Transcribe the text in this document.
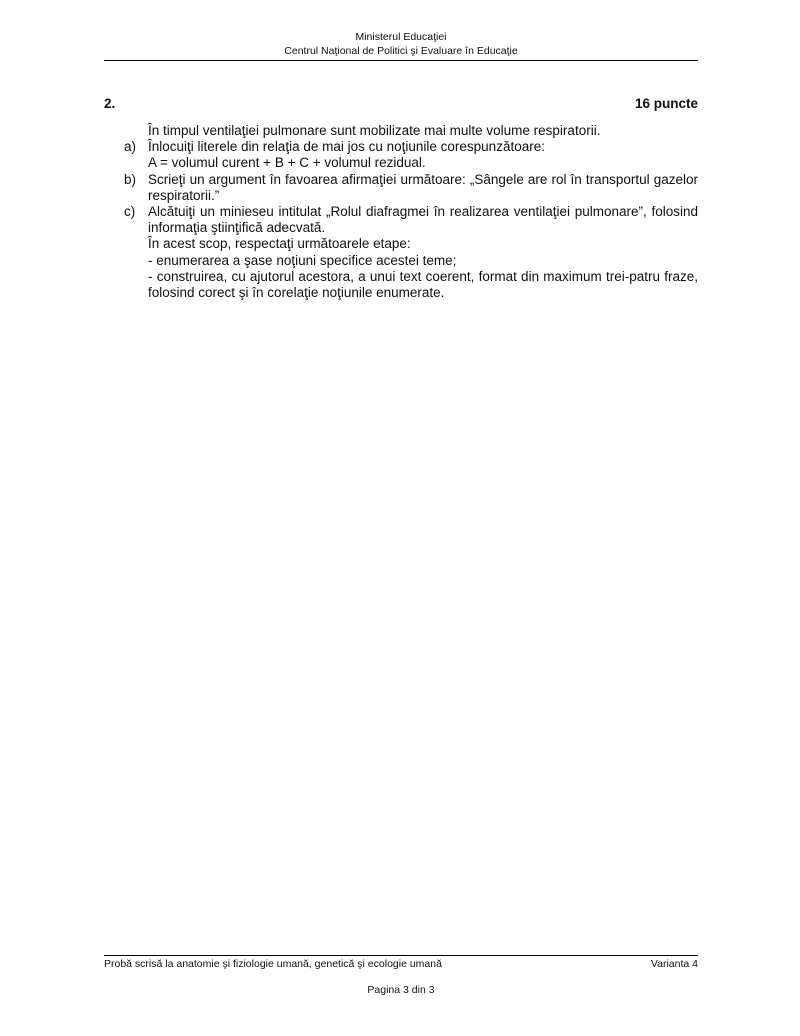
Ministerul Educaţiei
Centrul Naţional de Politici şi Evaluare în Educaţie
2.	16 puncte
În timpul ventilaţiei pulmonare sunt mobilizate mai multe volume respiratorii.
a) Înlocuiţi literele din relaţia de mai jos cu noţiunile corespunzătoare:
A = volumul curent + B + C + volumul rezidual.
b) Scrieţi un argument în favoarea afirmaţiei următoare: „Sângele are rol în transportul gazelor respiratorii.”
c) Alcătuiţi un minieseu intitulat „Rolul diafragmei în realizarea ventilaţiei pulmonare”, folosind informaţia ştiinţifică adecvată.
În acest scop, respectaţi următoarele etape:
- enumerarea a şase noţiuni specifice acestei teme;
- construirea, cu ajutorul acestora, a unui text coerent, format din maximum trei-patru fraze, folosind corect şi în corelaţie noţiunile enumerate.
Probă scrisă la anatomie şi fiziologie umană, genetică şi ecologie umană	Varianta 4
Pagina 3 din 3
